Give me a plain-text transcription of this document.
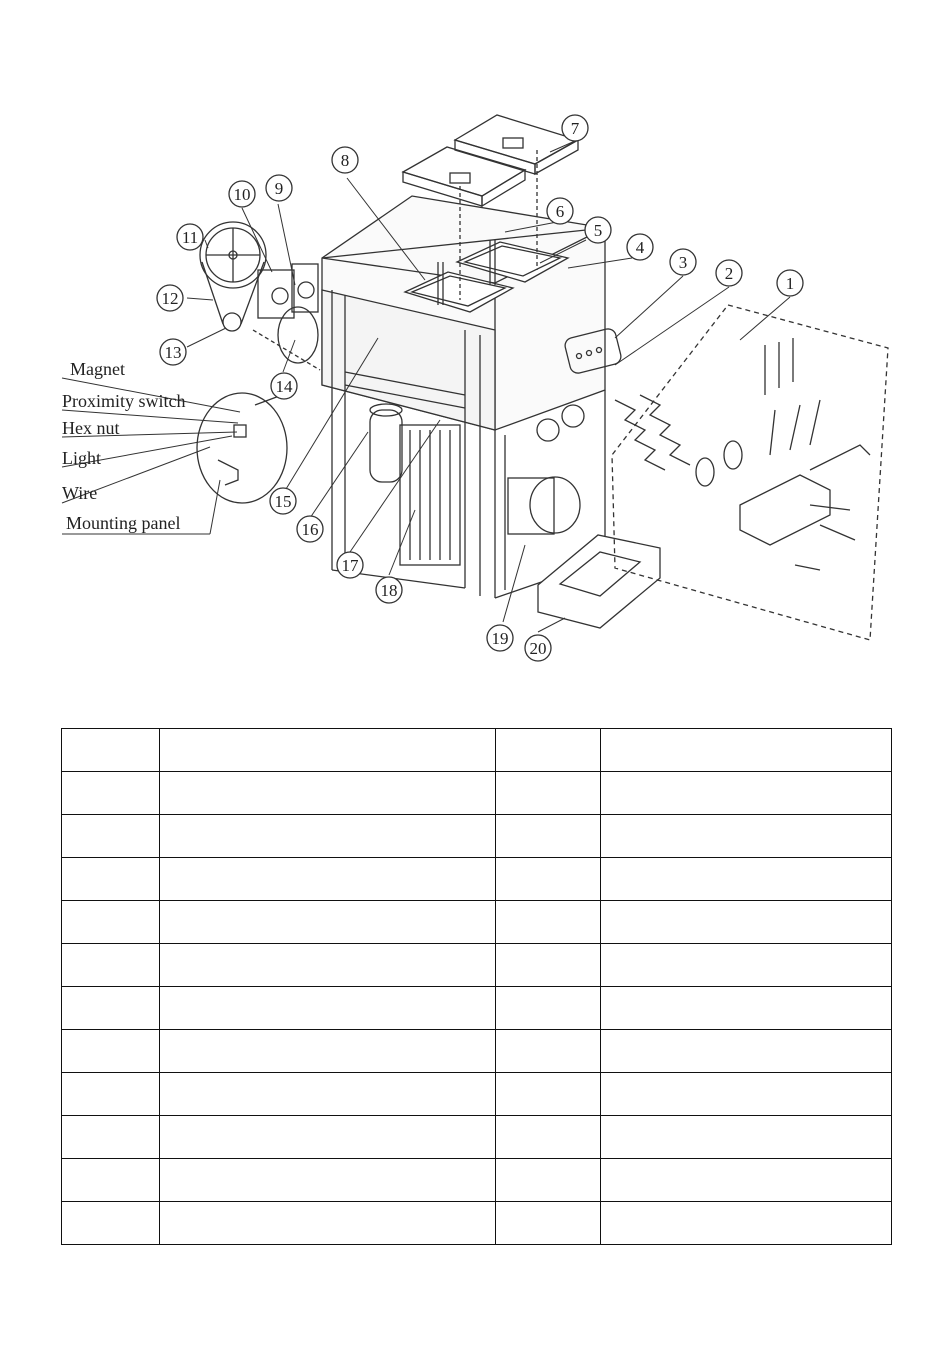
1
2
3
4
5
6
7
8
9
10
11
12
13
14
15
16
17
18
19
20
Magnet
Proximity switch
Hex nut
Light
Wire
Mounting panel
